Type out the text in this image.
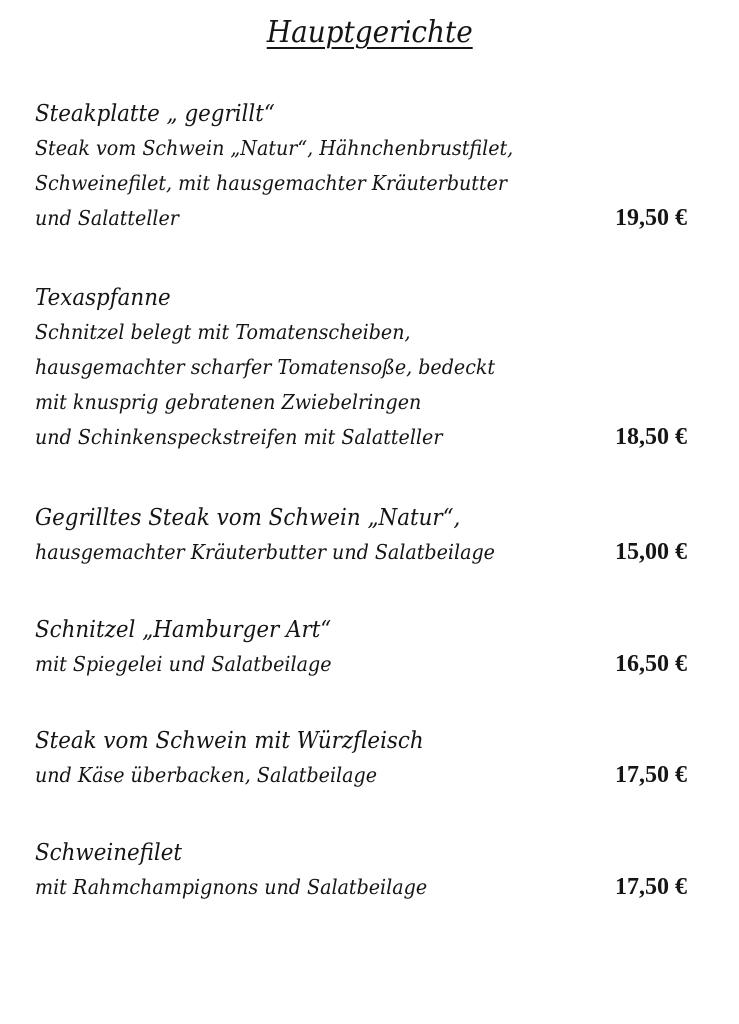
Hauptgerichte
Steakplatte „ gegrillt“
Steak vom Schwein „Natur“, Hähnchenbrustfilet,
Schweinefilet, mit hausgemachter Kräuterbutter
und Salatteller	19,50 €
Texaspfanne
Schnitzel belegt mit Tomatenscheiben,
hausgemachter scharfer Tomatensoße, bedeckt
mit knusprig gebratenen Zwiebelringen
und Schinkenspeckstreifen mit Salatteller	18,50 €
Gegrilltes Steak vom Schwein „Natur“,
hausgemachter Kräuterbutter und Salatbeilage	15,00 €
Schnitzel „Hamburger Art“
mit Spiegelei und Salatbeilage	16,50 €
Steak vom Schwein mit Würzfleisch
und Käse überbacken, Salatbeilage	17,50 €
Schweinefilet
mit Rahmchampignons und Salatbeilage	17,50 €
